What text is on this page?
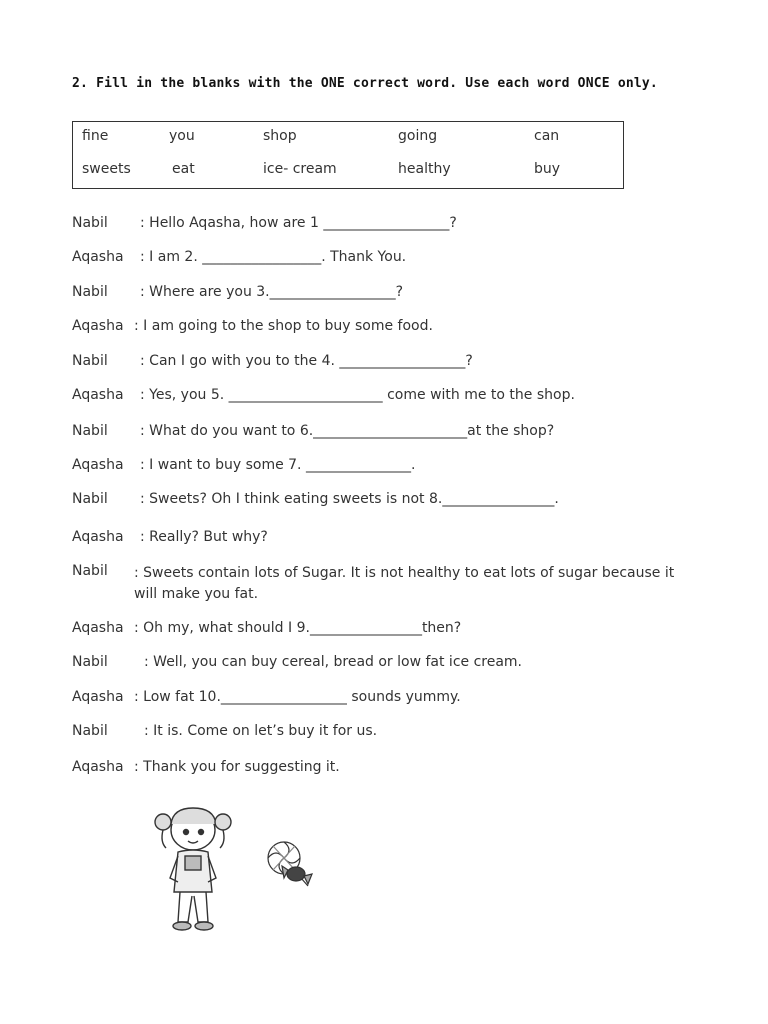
2. Fill in the blanks with the ONE correct word. Use each word ONCE only.
fine	you	shop	going	can
sweets	eat	ice- cream	healthy	buy
Nabil : Hello Aqasha, how are 1 __________________?
Aqasha : I am 2. _________________. Thank You.
Nabil : Where are you 3.__________________?
Aqasha : I am going to the shop to buy some food.
Nabil : Can I go with you to the 4. __________________?
Aqasha : Yes, you 5. ______________________ come with me to the shop.
Nabil : What do you want to 6.______________________at the shop?
Aqasha : I want to buy some 7. _______________.
Nabil : Sweets? Oh I think eating sweets is not 8.________________.
Aqasha : Really? But why?
Nabil : Sweets contain lots of Sugar. It is not healthy to eat lots of sugar because it will make you fat.
Aqasha : Oh my, what should I 9.________________then?
Nabil	: Well, you can buy cereal, bread or low fat ice cream.
Aqasha : Low fat 10.__________________ sounds yummy.
Nabil	: It is. Come on let’s buy it for us.
Aqasha : Thank you for suggesting it.
